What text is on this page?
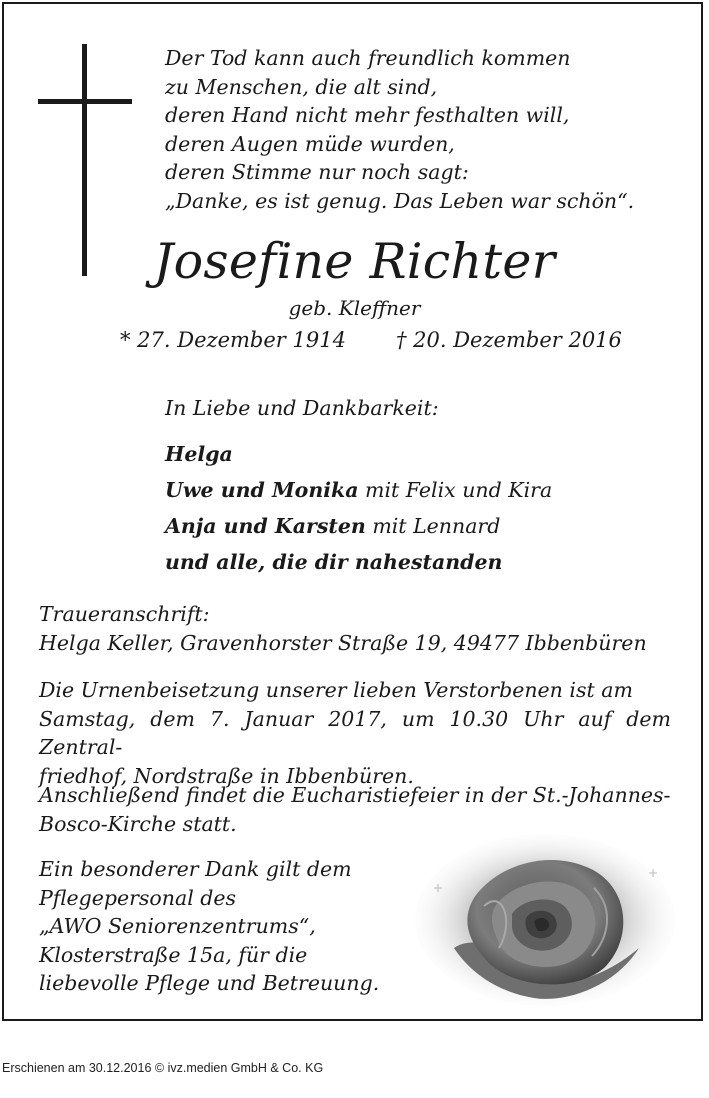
Der Tod kann auch freundlich kommen
zu Menschen, die alt sind,
deren Hand nicht mehr festhalten will,
deren Augen müde wurden,
deren Stimme nur noch sagt:
„Danke, es ist genug. Das Leben war schön“.
Josefine Richter
geb. Kleffner
* 27. Dezember 1914 † 20. Dezember 2016
In Liebe und Dankbarkeit:
Helga
Uwe und Monika mit Felix und Kira
Anja und Karsten mit Lennard
und alle, die dir nahestanden
Traueranschrift:
Helga Keller, Gravenhorster Straße 19, 49477 Ibbenbüren
Die Urnenbeisetzung unserer lieben Verstorbenen ist am
Samstag, dem 7. Januar 2017, um 10.30 Uhr auf dem Zentral-
friedhof, Nordstraße in Ibbenbüren.
Anschließend findet die Eucharistiefeier in der St.-Johannes-
Bosco-Kirche statt.
Ein besonderer Dank gilt dem
Pflegepersonal des
„AWO Seniorenzentrums“,
Klosterstraße 15a, für die
liebevolle Pflege und Betreuung.
Erschienen am 30.12.2016 © ivz.medien GmbH & Co. KG
